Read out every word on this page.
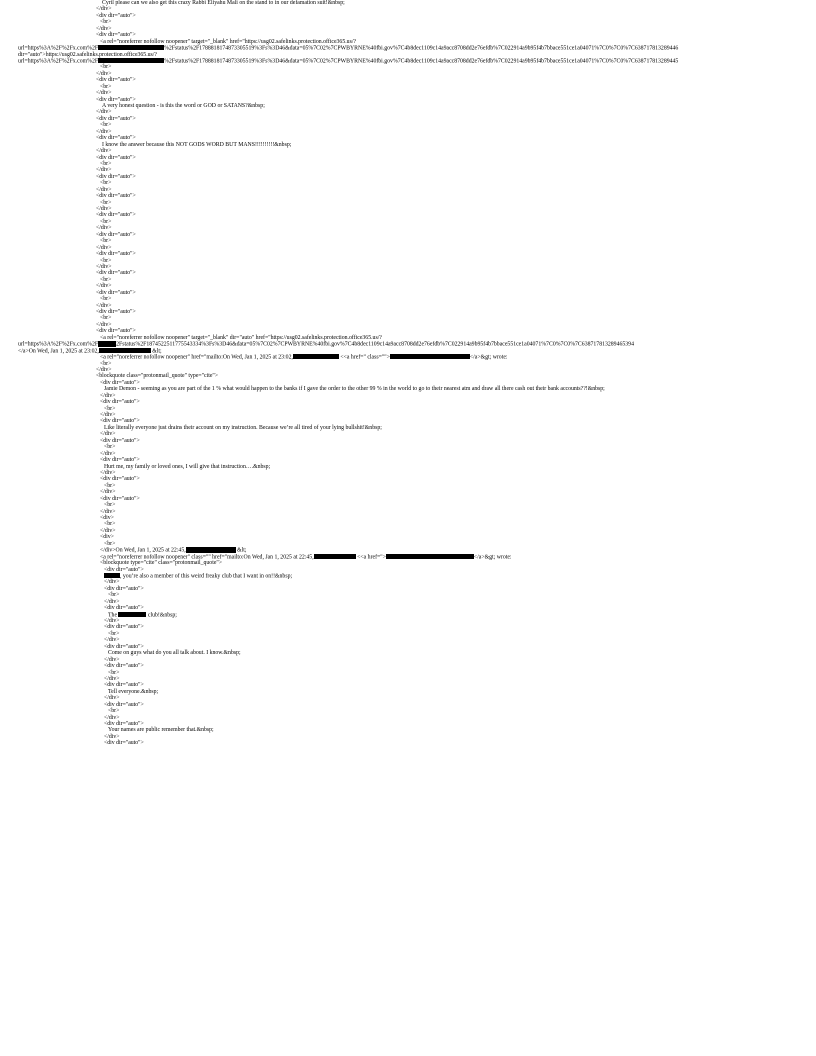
Cyril please can we also get this crazy Rabbi Eliyahu Mali on the stand to in our defamation suit!&nbsp;
</div>
<div dir="auto">
<br>
</div>
<div dir="auto">
<a rel="noreferrer nofollow noopener" target="_blank" href="https://usg02.safelinks.protection.office365.us/?
url=https%3A%2F%2Fx.com%2F	%2Fstatus%2F1788818174873305519%3Fs%3D46&data=05%7C02%7CPWBYRNE%40fbi.gov%7C4b8dec1109c14a9acc8708dd2e76efdb%7C022914a9b95f4b7bbace551ce1a04071%7C0%7C0%7C638717813289446
dir="auto">https://usg02.safelinks.protection.office365.us/?
url=https%3A%2F%2Fx.com%2F	%2Fstatus%2F1788818174873305519%3Fs%3D46&data=05%7C02%7CPWBYRNE%40fbi.gov%7C4b8dec1109c14a9acc8708dd2e76efdb%7C022914a9b95f4b7bbace551ce1a04071%7C0%7C0%7C638717813289445
<br>
</div>
<div dir="auto">
<br>
</div>
<div dir="auto">
A very honest question - is this the word or GOD or SATANS?&nbsp;
</div>
<div dir="auto">
<br>
</div>
<div dir="auto">
I know the answer because this NOT GODS WORD BUT MANS!!!!!!!!!!&nbsp;
</div>
<div dir="auto">
<br>
</div>
<div dir="auto">
<br>
</div>
<div dir="auto">
<br>
</div>
<div dir="auto">
<br>
</div>
<div dir="auto">
<br>
</div>
<div dir="auto">
<br>
</div>
<div dir="auto">
<br>
</div>
<div dir="auto">
<br>
</div>
<div dir="auto">
<br>
</div>
<div dir="auto">
<a rel="noreferrer nofollow noopener" target="_blank" dir="auto" href="https://usg02.safelinks.protection.office365.us/?
url=https%3A%2F%2Fx.com%2F	2Fstatus%2F1874522511775543334%3Fs%3D46&data=05%7C02%7CPWBYRNE%40fbi.gov%7C4b8dec1109c14a9acc8708dd2e76efdb%7C022914a9b95f4b7bbace551ce1a04071%7C0%7C0%7C638717813289465394
</a>On Wed, Jan 1, 2025 at 23:02,	&lt;
<a rel="noreferrer nofollow noopener" href="mailto:On Wed, Jan 1, 2025 at 23:02,	<<a href=" class="">	</a>&gt; wrote:
<br>
</div>
<blockquote class="protonmail_quote" type="cite">
<div dir="auto">
Jamie Demon - seeming as you are part of the 1 % what would happen to the banks if I gave the order to the other 99 % in the world to go to their nearest atm and draw all there cash out their bank accounts??!&nbsp;
</div>
<div dir="auto">
<br>
</div>
<div dir="auto">
Like literally everyone just drains their account on my instruction. Because we’re all tired of your lying bullshit!&nbsp;
</div>
<div dir="auto">
<br>
</div>
<div dir="auto">
Hurt me, my family or loved ones, I will give that instruction….&nbsp;
</div>
<div dir="auto">
<br>
</div>
<div dir="auto">
<br>
</div>
<div>
<br>
</div>
<div>
<br>
</div>On Wed, Jan 1, 2025 at 22:45,	&lt;
<a rel="noreferrer nofollow noopener" class="" href="mailto:On Wed, Jan 1, 2025 at 22:45,	<<a href=">	</a>&gt; wrote:
<blockquote type="cite" class="protonmail_quote">
<div dir="auto">
, you’re also a member of this weird freaky club that I want in on!!&nbsp;
</div>
<div dir="auto">
<br>
</div>
<div dir="auto">
The	club!&nbsp;
</div>
<div dir="auto">
<br>
</div>
<div dir="auto">
Come on guys what do you all talk about. I know.&nbsp;
</div>
<div dir="auto">
<br>
</div>
<div dir="auto">
Tell everyone.&nbsp;
</div>
<div dir="auto">
<br>
</div>
<div dir="auto">
Your names are public remember that.&nbsp;
</div>
<div dir="auto">
